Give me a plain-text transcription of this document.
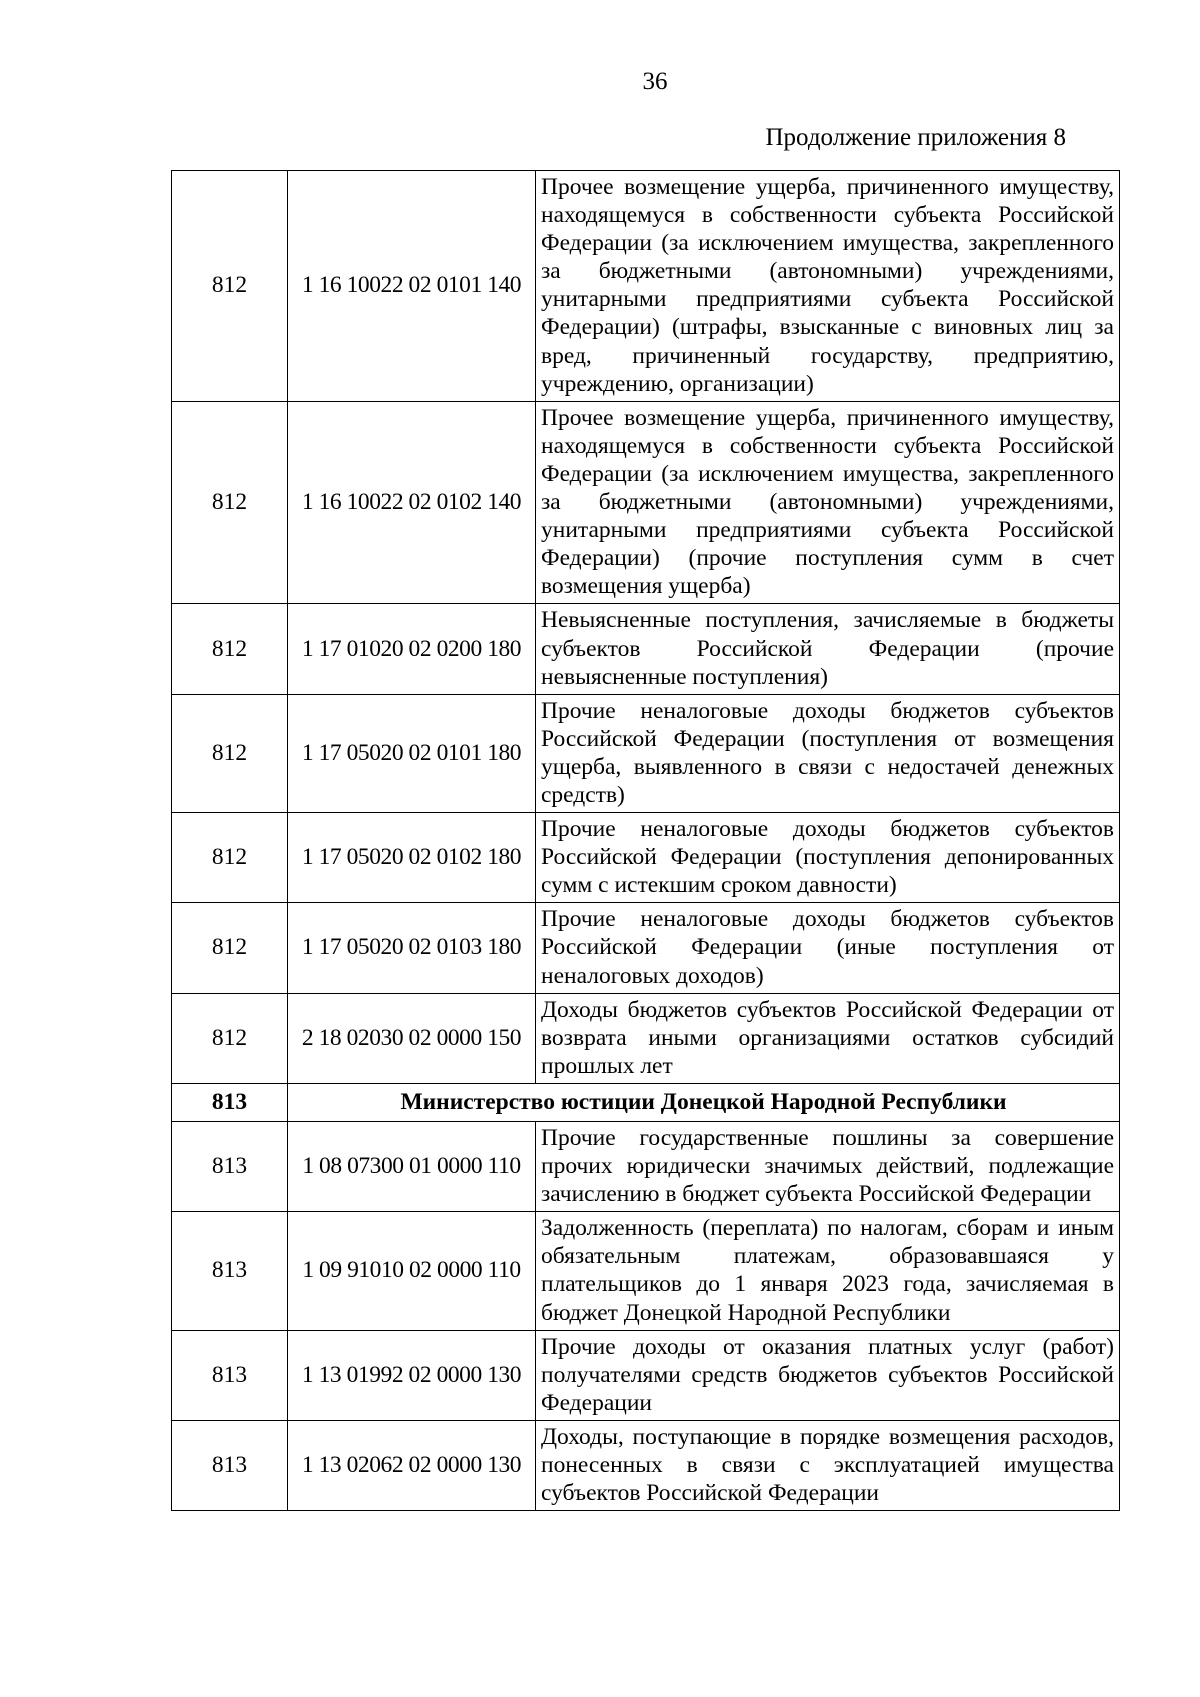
36
Продолжение приложения 8
812	1 16 10022 02 0101 140	Прочее возмещение ущерба, причиненного имуществу, находящемуся в собственности субъекта Российской Федерации (за исключением имущества, закрепленного за бюджетными (автономными) учреждениями, унитарными предприятиями субъекта Российской Федерации) (штрафы, взысканные с виновных лиц за вред, причиненный государству, предприятию, учреждению, организации)
812	1 16 10022 02 0102 140	Прочее возмещение ущерба, причиненного имуществу, находящемуся в собственности субъекта Российской Федерации (за исключением имущества, закрепленного за бюджетными (автономными) учреждениями, унитарными предприятиями субъекта Российской Федерации) (прочие поступления сумм в счет возмещения ущерба)
812	1 17 01020 02 0200 180	Невыясненные поступления, зачисляемые в бюджеты субъектов Российской Федерации (прочие невыясненные поступления)
812	1 17 05020 02 0101 180	Прочие неналоговые доходы бюджетов субъектов Российской Федерации (поступления от возмещения ущерба, выявленного в связи с недостачей денежных средств)
812	1 17 05020 02 0102 180	Прочие неналоговые доходы бюджетов субъектов Российской Федерации (поступления депонированных сумм с истекшим сроком давности)
812	1 17 05020 02 0103 180	Прочие неналоговые доходы бюджетов субъектов Российской Федерации (иные поступления от неналоговых доходов)
812	2 18 02030 02 0000 150	Доходы бюджетов субъектов Российской Федерации от возврата иными организациями остатков субсидий прошлых лет
813	Министерство юстиции Донецкой Народной Республики	
813	1 08 07300 01 0000 110	Прочие государственные пошлины за совершение прочих юридически значимых действий, подлежащие зачислению в бюджет субъекта Российской Федерации
813	1 09 91010 02 0000 110	Задолженность (переплата) по налогам, сборам и иным обязательным платежам, образовавшаяся у плательщиков до 1 января 2023 года, зачисляемая в бюджет Донецкой Народной Республики
813	1 13 01992 02 0000 130	Прочие доходы от оказания платных услуг (работ) получателями средств бюджетов субъектов Российской Федерации
813	1 13 02062 02 0000 130	Доходы, поступающие в порядке возмещения расходов, понесенных в связи с эксплуатацией имущества субъектов Российской Федерации
